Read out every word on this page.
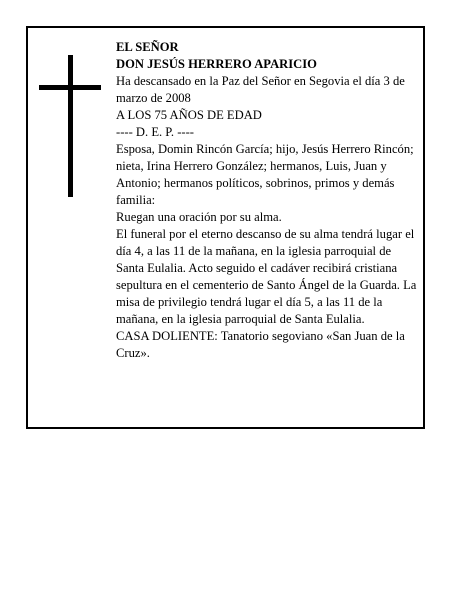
EL SEÑOR

DON JESÚS HERRERO APARICIO

Ha descansado en la Paz del Señor en Segovia el día 3 de marzo de 2008

A LOS 75 AÑOS DE EDAD

---- D. E. P. ----

Esposa, Domin Rincón García; hijo, Jesús Herrero Rincón; nieta, Irina Herrero González; hermanos, Luis, Juan y Antonio; hermanos políticos, sobrinos, primos y demás familia:

Ruegan una oración por su alma.

El funeral por el eterno descanso de su alma tendrá lugar el día 4, a las 11 de la mañana, en la iglesia parroquial de Santa Eulalia. Acto seguido el cadáver recibirá cristiana sepultura en el cementerio de Santo Ángel de la Guarda. La misa de privilegio tendrá lugar el día 5, a las 11 de la mañana, en la iglesia parroquial de Santa Eulalia.

CASA DOLIENTE: Tanatorio segoviano «San Juan de la Cruz».
